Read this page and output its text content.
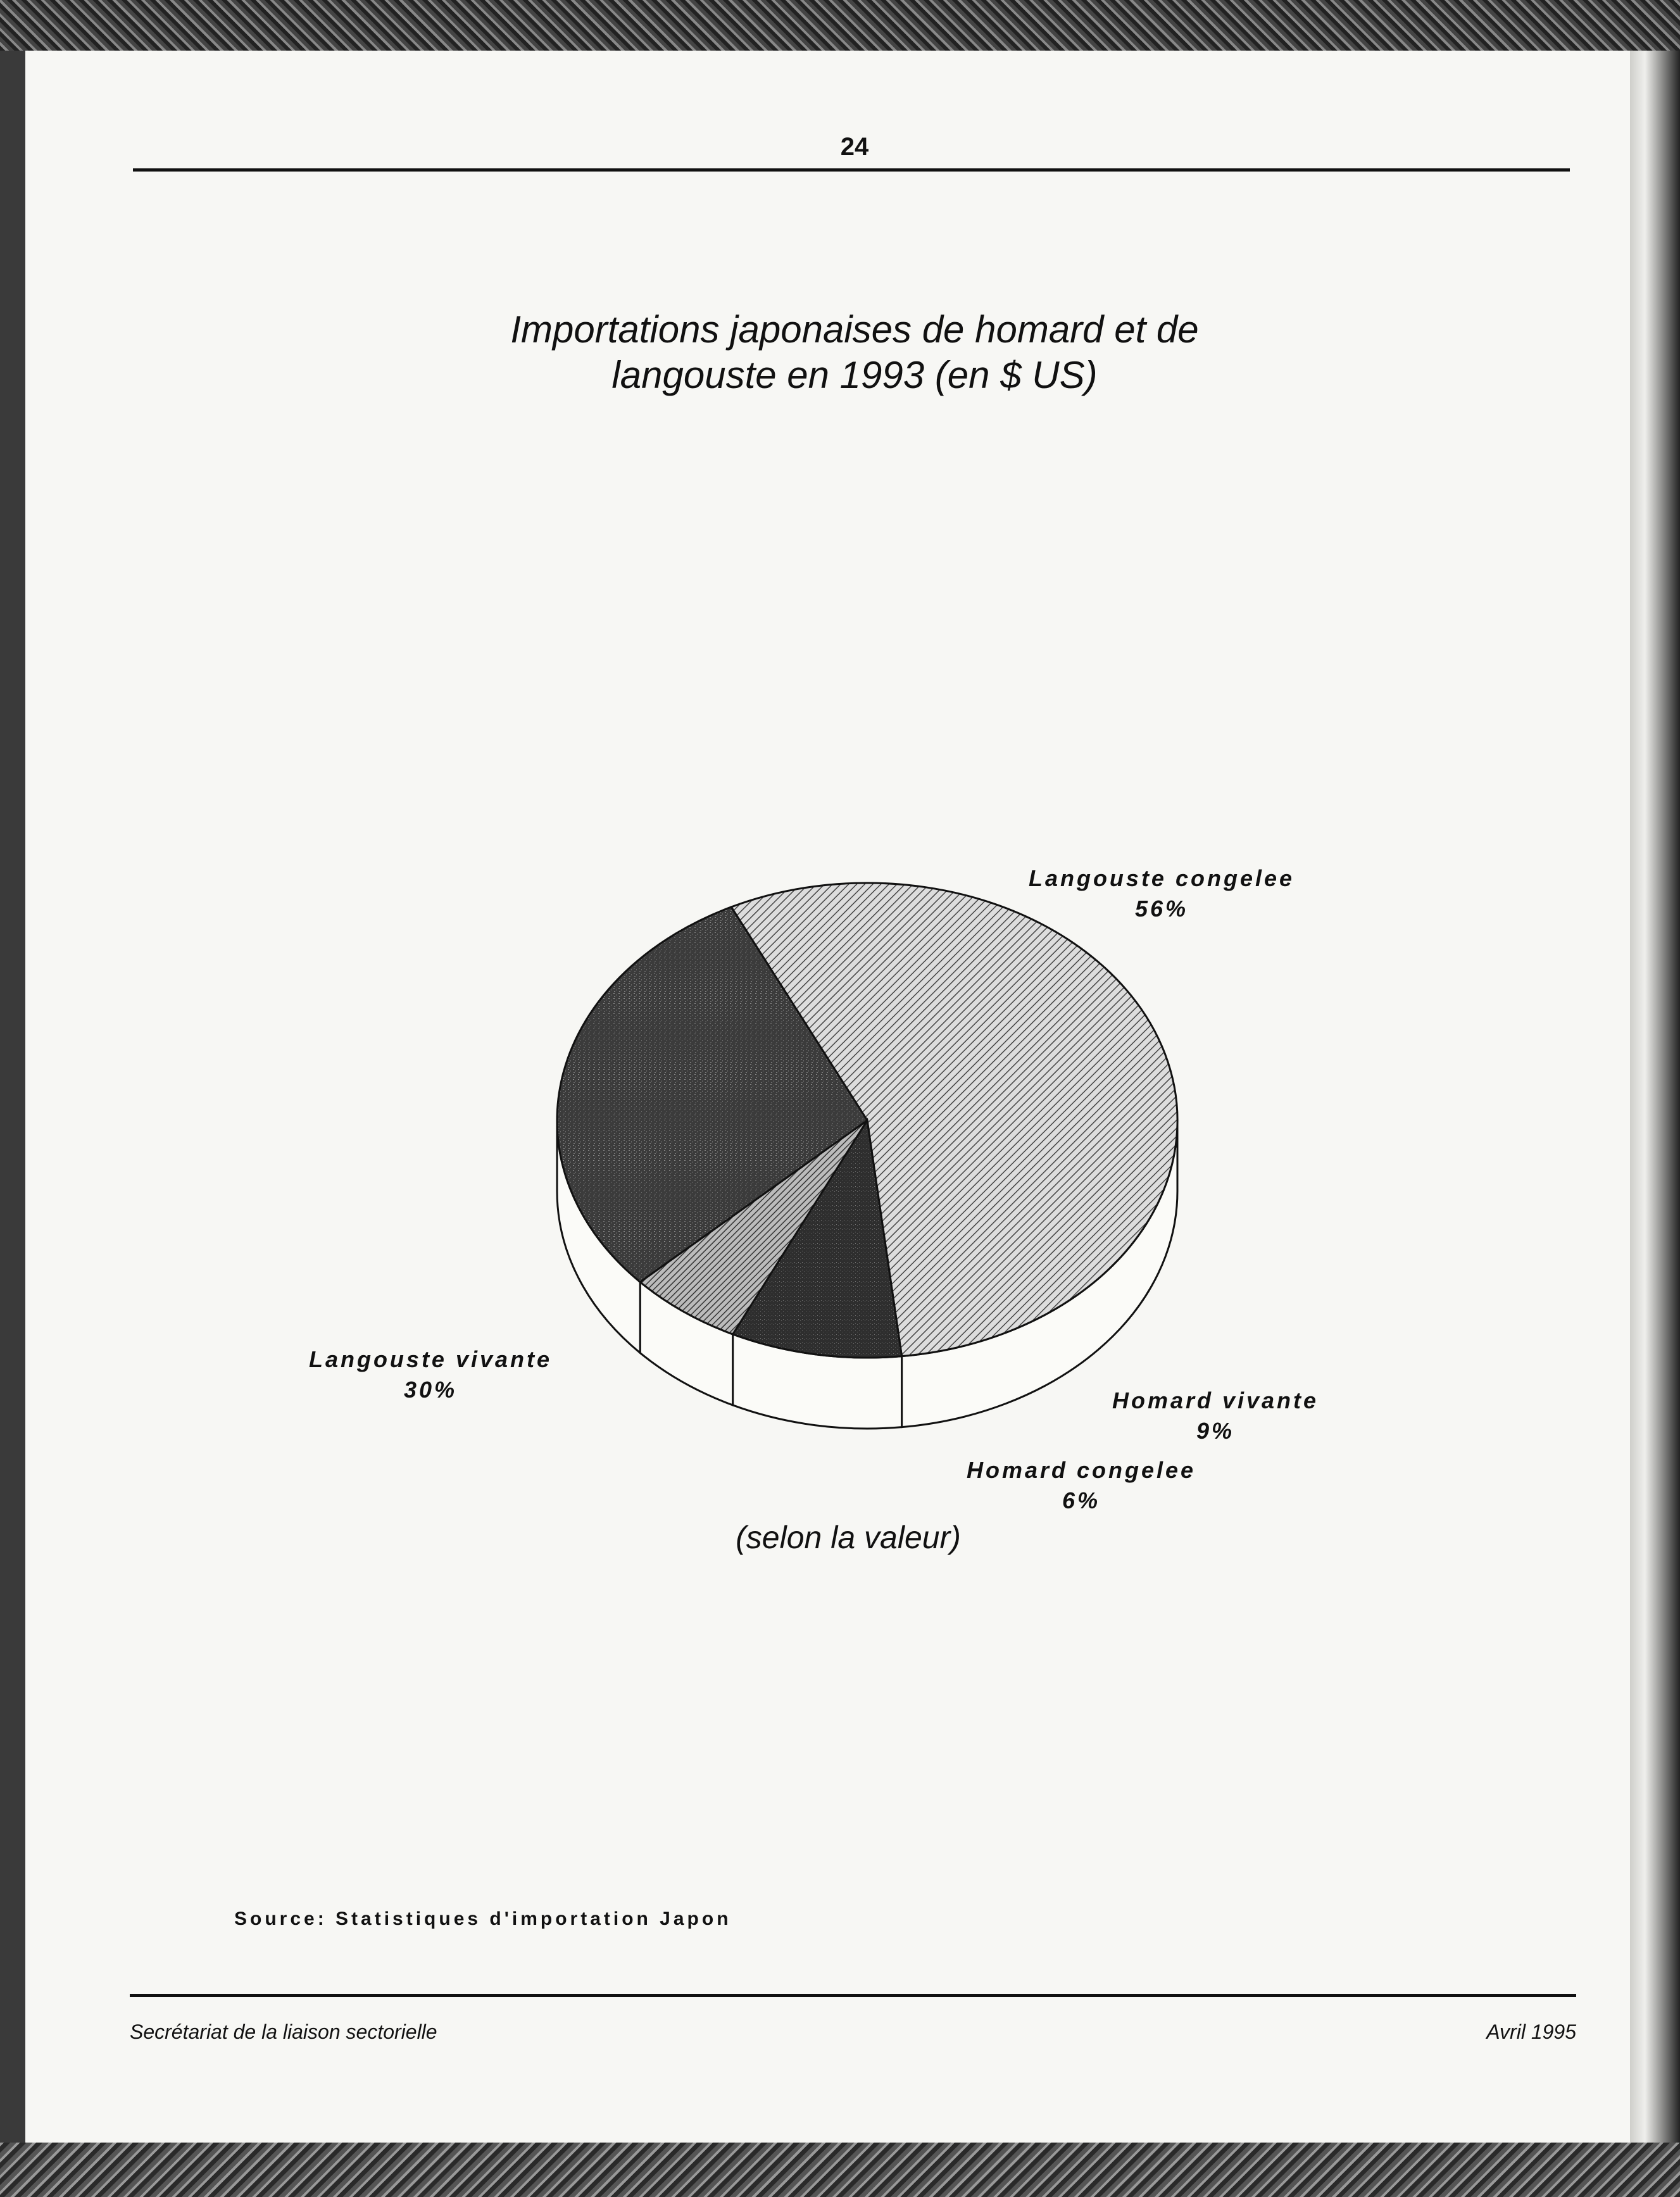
24
Importations japonaises de homard et de
langouste en 1993 (en $ US)
Langouste congelee
56%
Homard vivante
9%
Homard congelee
6%
Langouste vivante
30%
(selon la valeur)
Source: Statistiques d'importation Japon
Secrétariat de la liaison sectorielle	Avril 1995
